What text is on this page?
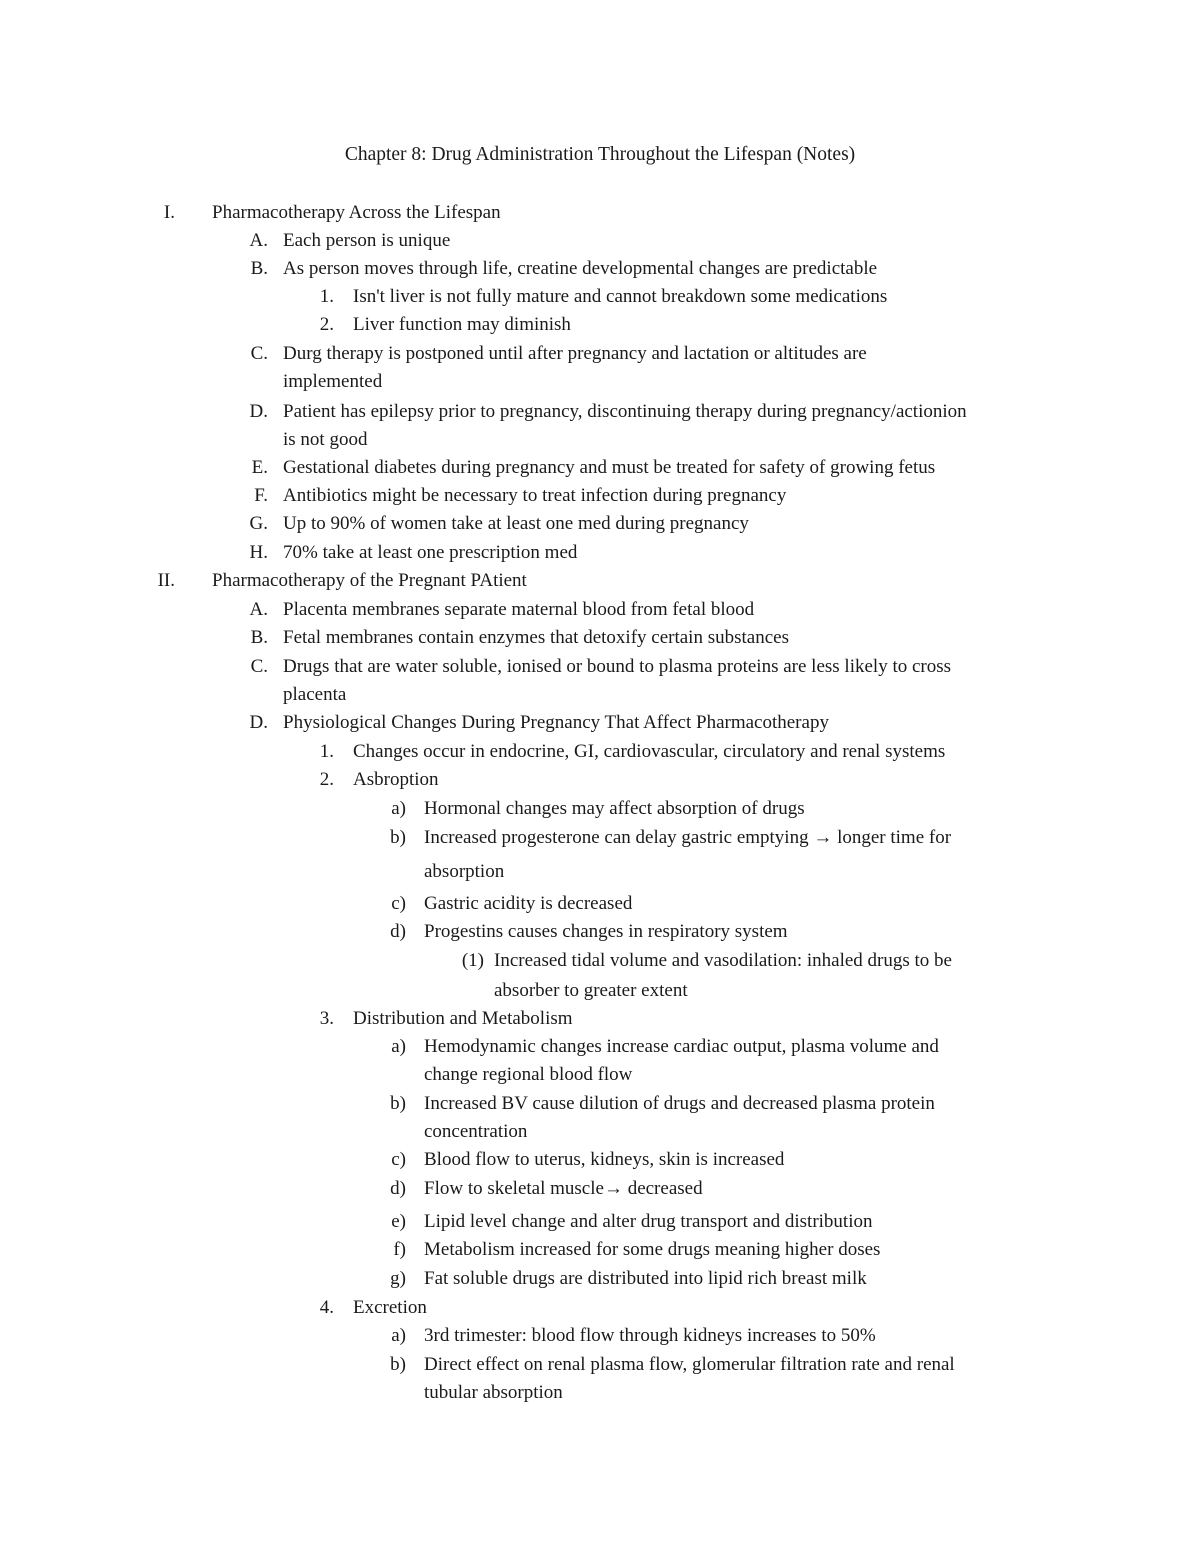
Chapter 8: Drug Administration Throughout the Lifespan (Notes)
I. Pharmacotherapy Across the Lifespan
A. Each person is unique
B. As person moves through life, creatine developmental changes are predictable
1. Isn't liver is not fully mature and cannot breakdown some medications
2. Liver function may diminish
C. Durg therapy is postponed until after pregnancy and lactation or altitudes are
implemented
D. Patient has epilepsy prior to pregnancy, discontinuing therapy during pregnancy/actionion
is not good
E. Gestational diabetes during pregnancy and must be treated for safety of growing fetus
F. Antibiotics might be necessary to treat infection during pregnancy
G. Up to 90% of women take at least one med during pregnancy
H. 70% take at least one prescription med
II. Pharmacotherapy of the Pregnant PAtient
A. Placenta membranes separate maternal blood from fetal blood
B. Fetal membranes contain enzymes that detoxify certain substances
C. Drugs that are water soluble, ionised or bound to plasma proteins are less likely to cross
placenta
D. Physiological Changes During Pregnancy That Affect Pharmacotherapy
1. Changes occur in endocrine, GI, cardiovascular, circulatory and renal systems
2. Asbroption
a) Hormonal changes may affect absorption of drugs
b) Increased progesterone can delay gastric emptying → longer time for
absorption
c) Gastric acidity is decreased
d) Progestins causes changes in respiratory system
(1) Increased tidal volume and vasodilation: inhaled drugs to be
absorber to greater extent
3. Distribution and Metabolism
a) Hemodynamic changes increase cardiac output, plasma volume and
change regional blood flow
b) Increased BV cause dilution of drugs and decreased plasma protein
concentration
c) Blood flow to uterus, kidneys, skin is increased
d) Flow to skeletal muscle→ decreased
e) Lipid level change and alter drug transport and distribution
f) Metabolism increased for some drugs meaning higher doses
g) Fat soluble drugs are distributed into lipid rich breast milk
4. Excretion
a) 3rd trimester: blood flow through kidneys increases to 50%
b) Direct effect on renal plasma flow, glomerular filtration rate and renal
tubular absorption
